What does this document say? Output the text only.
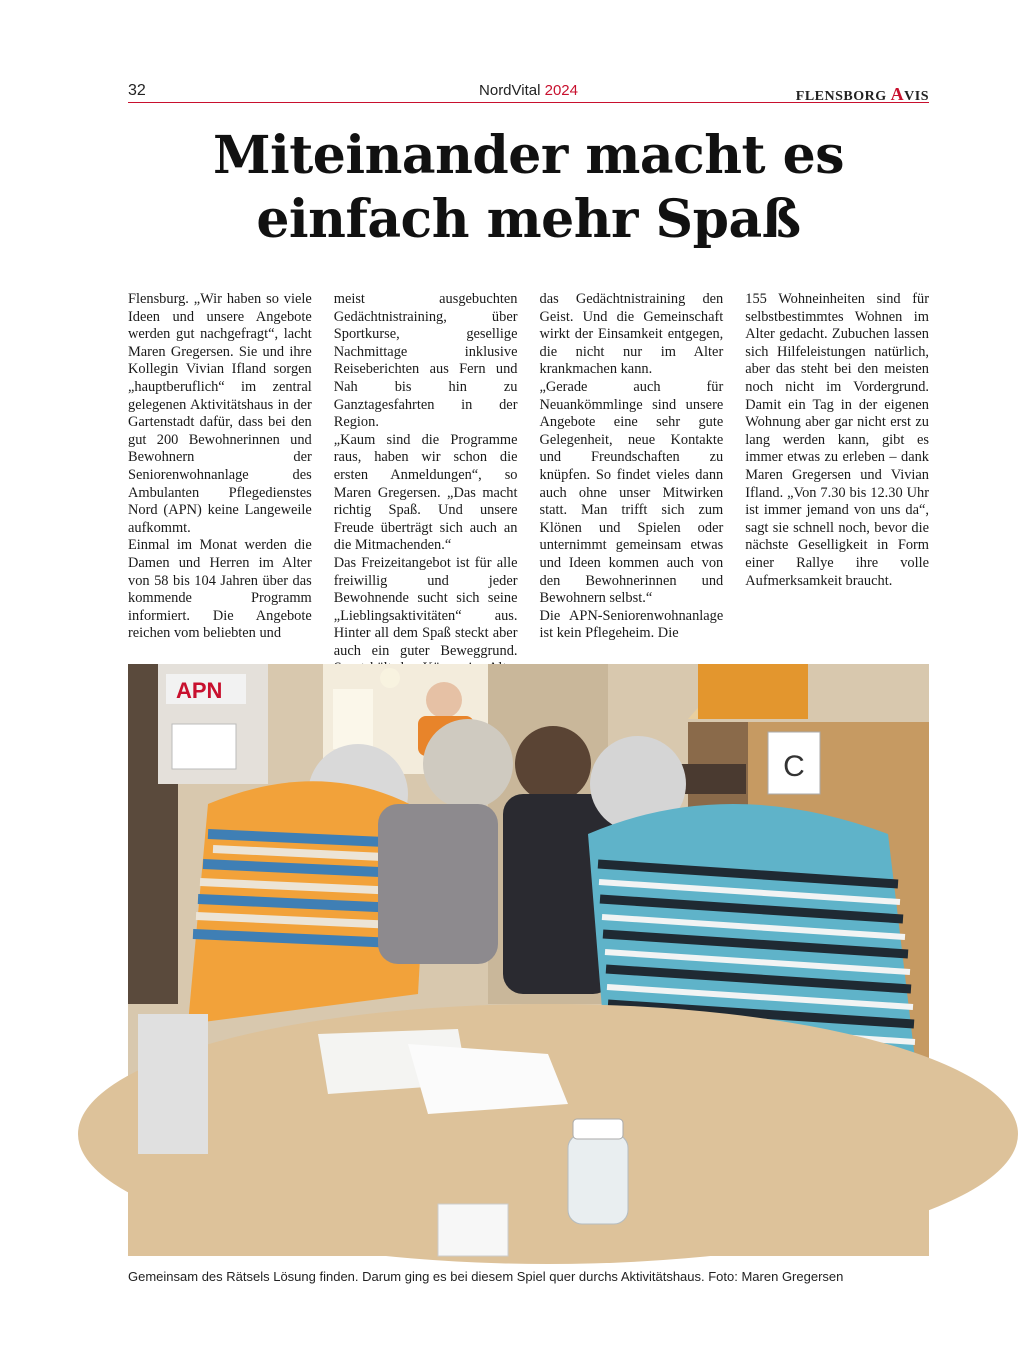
32	NordVital 2024	FLENSBORG AVIS
Miteinander macht es
einfach mehr Spaß

Flensburg. „Wir haben so viele Ideen und unsere Angebote werden gut nachgefragt“, lacht Maren Gregersen. Sie und ihre Kollegin Vivian Ifland sorgen „hauptberuflich“ im zentral gelegenen Aktivitätshaus in der Gartenstadt dafür, dass bei den gut 200 Bewohnerinnen und Bewohnern der Seniorenwohnanlage des Ambulanten Pflegedienstes Nord (APN) keine Langeweile aufkommt.

Einmal im Monat werden die Damen und Herren im Alter von 58 bis 104 Jahren über das kommende Programm informiert. Die Angebote reichen vom beliebten und

meist ausgebuchten Gedächtnistraining, über Sportkurse, gesellige Nachmittage inklusive Reiseberichten aus Fern und Nah bis hin zu Ganztagesfahrten in der Region.

„Kaum sind die Programme raus, haben wir schon die ersten Anmeldungen“, so Maren Gregersen. „Das macht richtig Spaß. Und unsere Freude überträgt sich auch an die Mitmachenden.“

Das Freizeitangebot ist für alle freiwillig und jeder Bewohnende sucht sich seine „Lieblingsaktivitäten“ aus. Hinter all dem Spaß steckt aber auch ein guter Beweggrund.

das Gedächtnistraining den Geist. Und die Gemeinschaft wirkt der Einsamkeit entgegen, die nicht nur im Alter krankmachen kann.

„Gerade auch für Neuankömmlinge sind unsere Angebote eine sehr gute Gelegenheit, neue Kontakte und Freundschaften zu knüpfen. So findet vieles dann auch ohne unser Mitwirken statt. Man trifft sich zum Klönen und Spielen oder unternimmt gemeinsam etwas und Ideen kommen auch von den Bewohnerinnen und Bewohnern selbst.“

Die APN-Seniorenwohnanlage ist kein Pflegeheim. Die

155 Wohneinheiten sind für selbstbestimmtes Wohnen im Alter gedacht. Zubuchen lassen sich Hilfeleistungen natürlich, aber das steht bei den meisten noch nicht im Vordergrund. Damit ein Tag in der eigenen Wohnung aber gar nicht erst zu lang werden kann, gibt es immer etwas zu erleben – dank Maren Gregersen und Vivian Ifland. „Von 7.30 bis 12.30 Uhr ist immer jemand von uns da“, sagt sie schnell noch, bevor die nächste Geselligkeit in Form einer Rallye ihre volle Aufmerksamkeit braucht.

APN
C
Gemeinsam des Rätsels Lösung finden. Darum ging es bei diesem Spiel quer durchs Aktivitätshaus. Foto: Maren Gregersen
